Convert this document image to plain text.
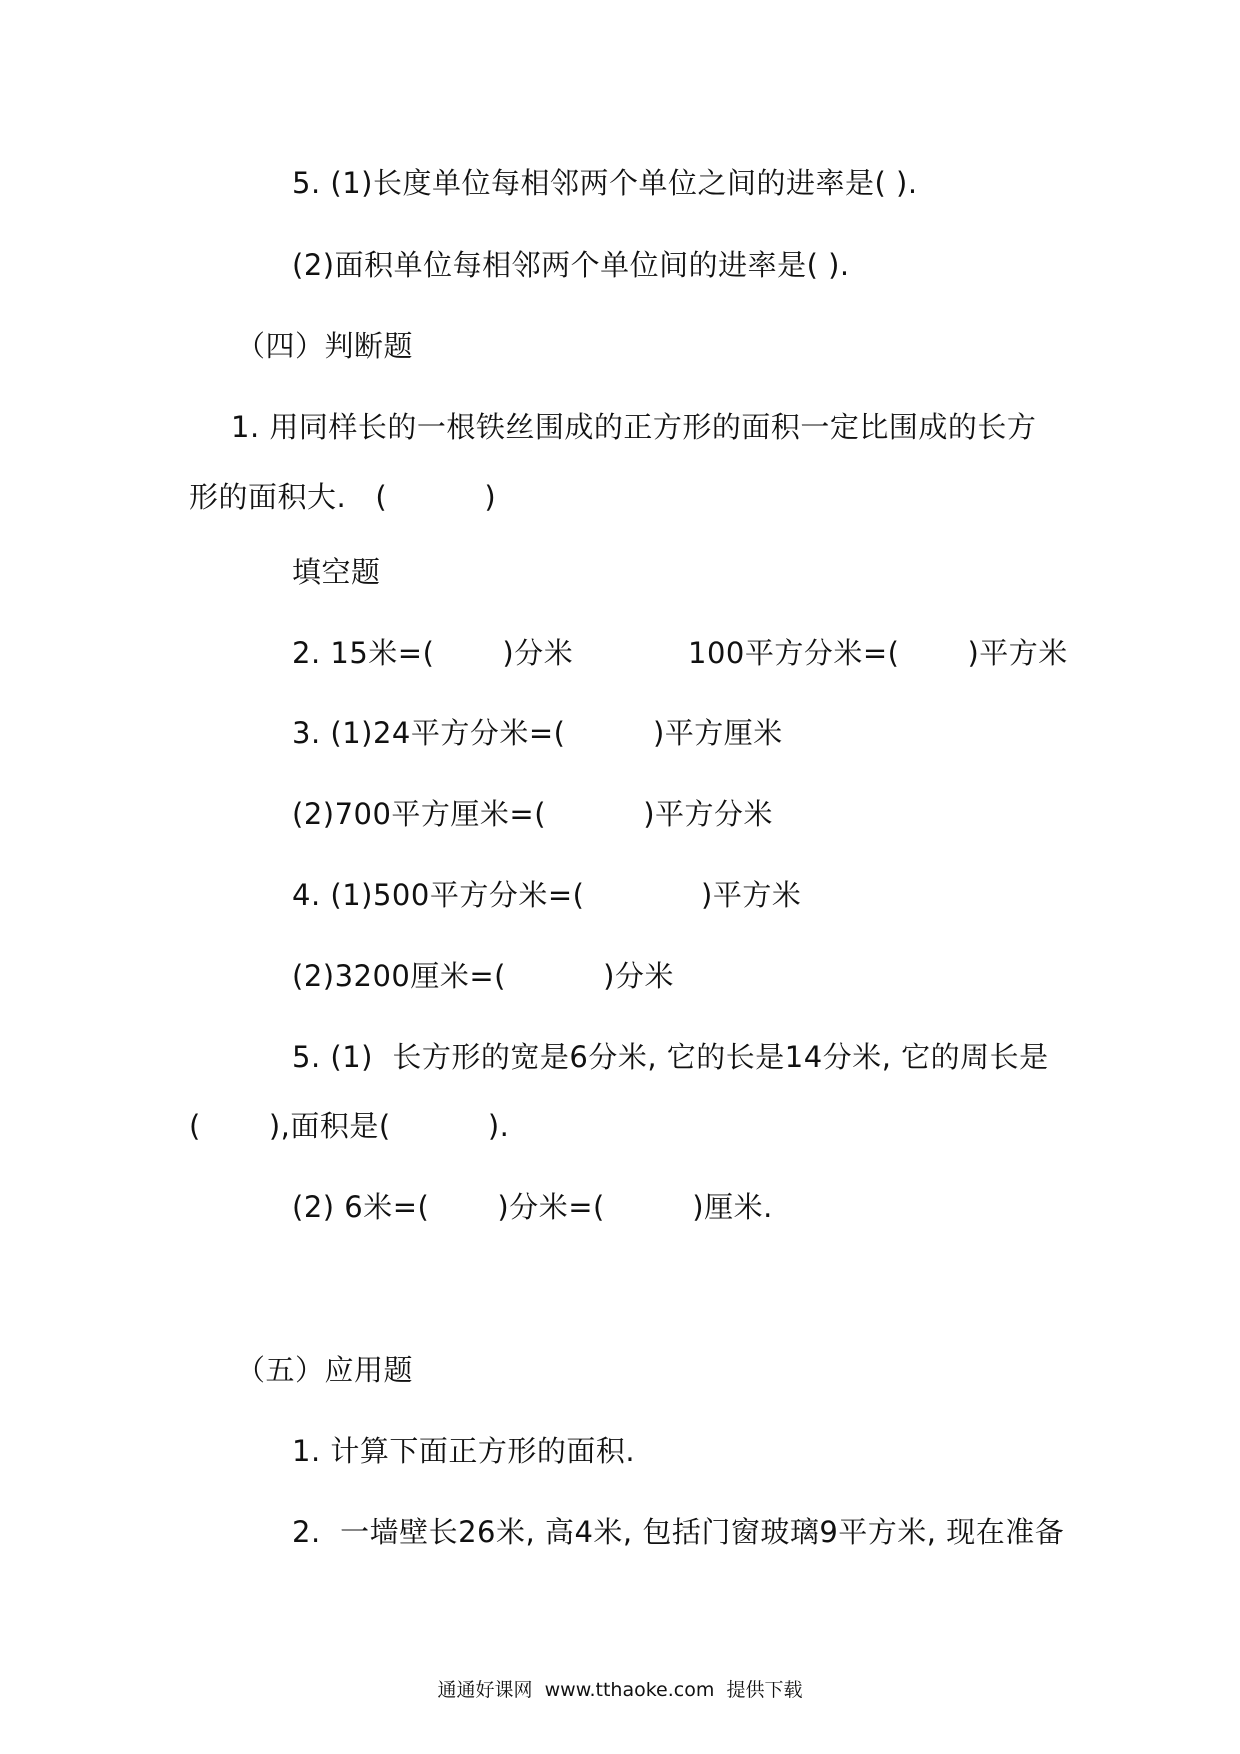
5. (1)长度单位每相邻两个单位之间的进率是( ).
(2)面积单位每相邻两个单位间的进率是( ).
（四）判断题
1. 用同样长的一根铁丝围成的正方形的面积一定比围成的长方
形的面积大.   (          )
填空题
2. 15米=(       )分米	100平方分米=(       )平方米
3. (1)24平方分米=(         )平方厘米
(2)700平方厘米=(          )平方分米
4. (1)500平方分米=(            )平方米
(2)3200厘米=(          )分米
5. (1)  长方形的宽是6分米, 它的长是14分米, 它的周长是
(       ),面积是(          ).
(2) 6米=(       )分米=(         )厘米.
（五）应用题
1. 计算下面正方形的面积.
2.  一墙壁长26米, 高4米, 包括门窗玻璃9平方米, 现在准备
通通好课网  www.tthaoke.com  提供下载
